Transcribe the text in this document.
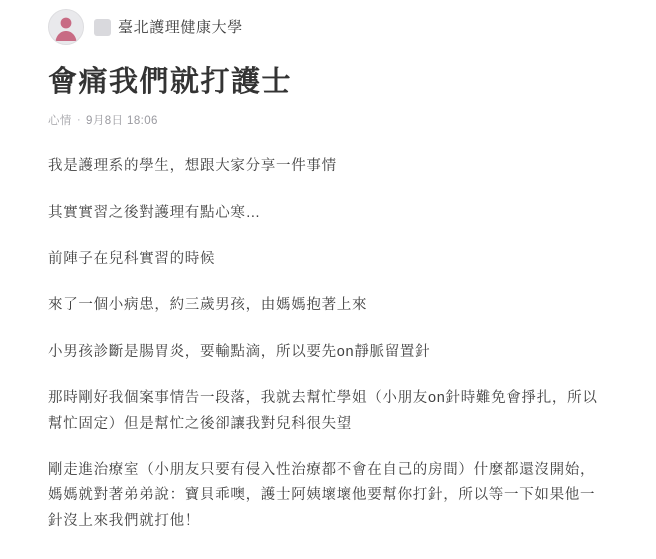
臺北護理健康大學
會痛我們就打護士
心情 · 9月8日 18:06

我是護理系的學生，想跟大家分享一件事情

其實實習之後對護理有點心寒…

前陣子在兒科實習的時候

來了一個小病患，約三歲男孩，由媽媽抱著上來

小男孩診斷是腸胃炎，要輸點滴，所以要先on靜脈留置針

那時剛好我個案事情告一段落，我就去幫忙學姐（小朋友on針時難免會掙扎，所以幫忙固定）但是幫忙之後卻讓我對兒科很失望

剛走進治療室（小朋友只要有侵入性治療都不會在自己的房間）什麼都還沒開始，媽媽就對著弟弟說：寶貝乖噢，護士阿姨壞壞他要幫你打針，所以等一下如果他一針沒上來我們就打他！
